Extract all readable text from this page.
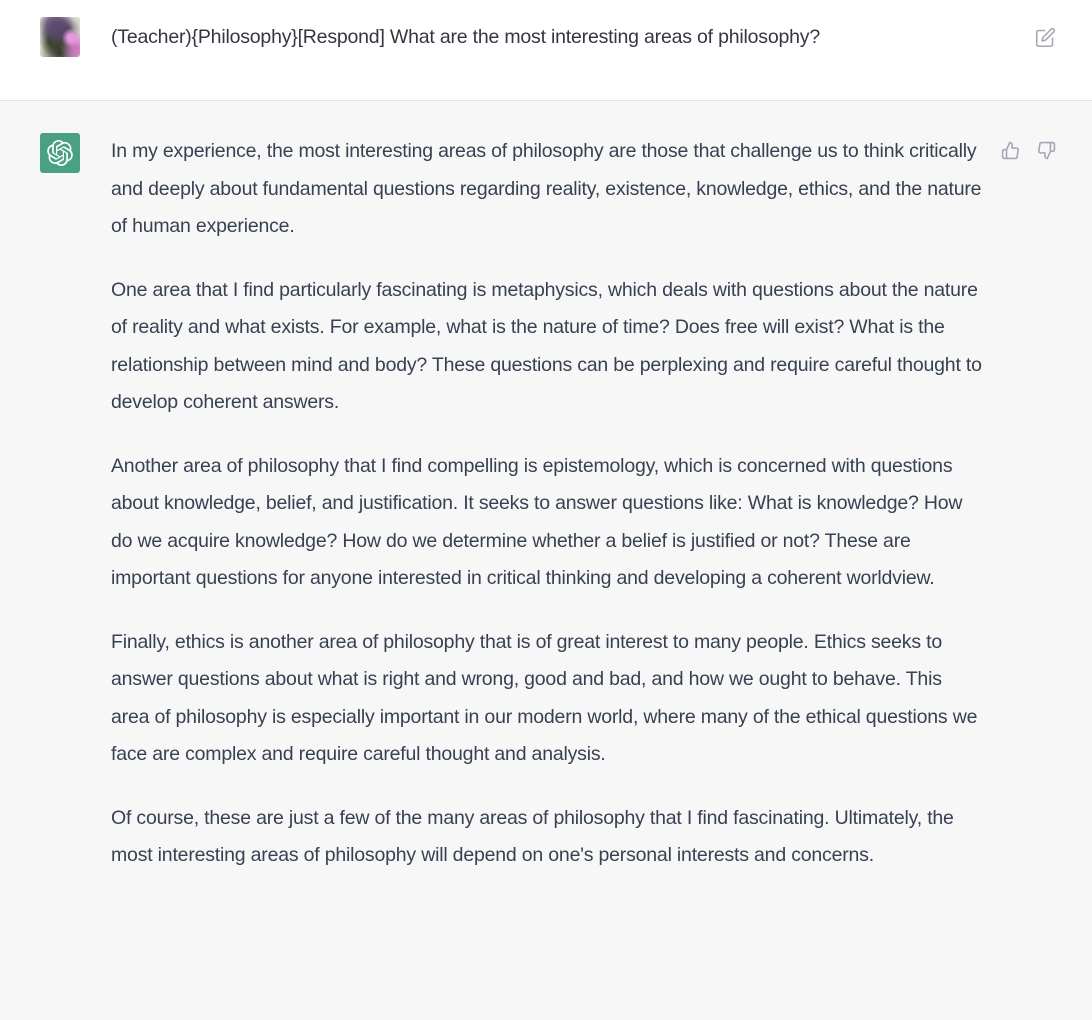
(Teacher){Philosophy}[Respond] What are the most interesting areas of philosophy?

In my experience, the most interesting areas of philosophy are those that challenge us to think critically and deeply about fundamental questions regarding reality, existence, knowledge, ethics, and the nature of human experience.

One area that I find particularly fascinating is metaphysics, which deals with questions about the nature of reality and what exists. For example, what is the nature of time? Does free will exist? What is the relationship between mind and body? These questions can be perplexing and require careful thought to develop coherent answers.

Another area of philosophy that I find compelling is epistemology, which is concerned with questions about knowledge, belief, and justification. It seeks to answer questions like: What is knowledge? How do we acquire knowledge? How do we determine whether a belief is justified or not? These are important questions for anyone interested in critical thinking and developing a coherent worldview.

Finally, ethics is another area of philosophy that is of great interest to many people. Ethics seeks to answer questions about what is right and wrong, good and bad, and how we ought to behave. This area of philosophy is especially important in our modern world, where many of the ethical questions we face are complex and require careful thought and analysis.

Of course, these are just a few of the many areas of philosophy that I find fascinating. Ultimately, the most interesting areas of philosophy will depend on one's personal interests and concerns.
